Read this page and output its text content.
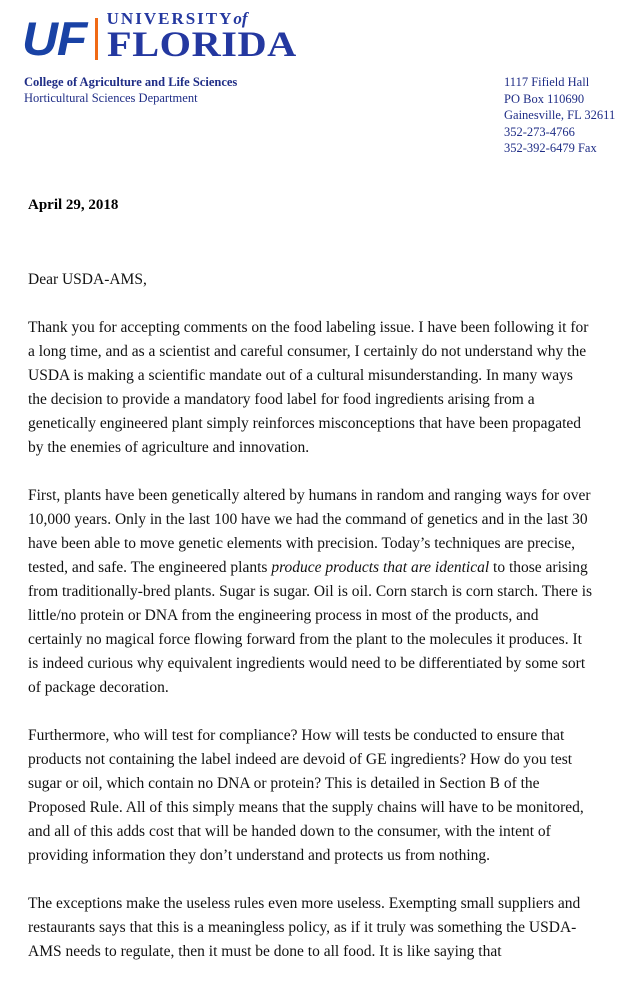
UF UNIVERSITYof
FLORIDA
College of Agriculture and Life Sciences
Horticultural Sciences Department
1117 Fifield Hall
PO Box 110690
Gainesville, FL 32611
352-273-4766
352-392-6479 Fax
April 29, 2018

Dear USDA-AMS,

Thank you for accepting comments on the food labeling issue. I have been following it for a long time, and as a scientist and careful consumer, I certainly do not understand why the USDA is making a scientific mandate out of a cultural misunderstanding. In many ways the decision to provide a mandatory food label for food ingredients arising from a genetically engineered plant simply reinforces misconceptions that have been propagated by the enemies of agriculture and innovation.

First, plants have been genetically altered by humans in random and ranging ways for over 10,000 years. Only in the last 100 have we had the command of genetics and in the last 30 have been able to move genetic elements with precision. Today’s techniques are precise, tested, and safe. The engineered plants produce products that are identical to those arising from traditionally-bred plants. Sugar is sugar. Oil is oil. Corn starch is corn starch. There is little/no protein or DNA from the engineering process in most of the products, and certainly no magical force flowing forward from the plant to the molecules it produces. It is indeed curious why equivalent ingredients would need to be differentiated by some sort of package decoration.

Furthermore, who will test for compliance? How will tests be conducted to ensure that products not containing the label indeed are devoid of GE ingredients? How do you test sugar or oil, which contain no DNA or protein? This is detailed in Section B of the Proposed Rule. All of this simply means that the supply chains will have to be monitored, and all of this adds cost that will be handed down to the consumer, with the intent of providing information they don’t understand and protects us from nothing.

The exceptions make the useless rules even more useless. Exempting small suppliers and restaurants says that this is a meaningless policy, as if it truly was something the USDA-AMS needs to regulate, then it must be done to all food. It is like saying that
